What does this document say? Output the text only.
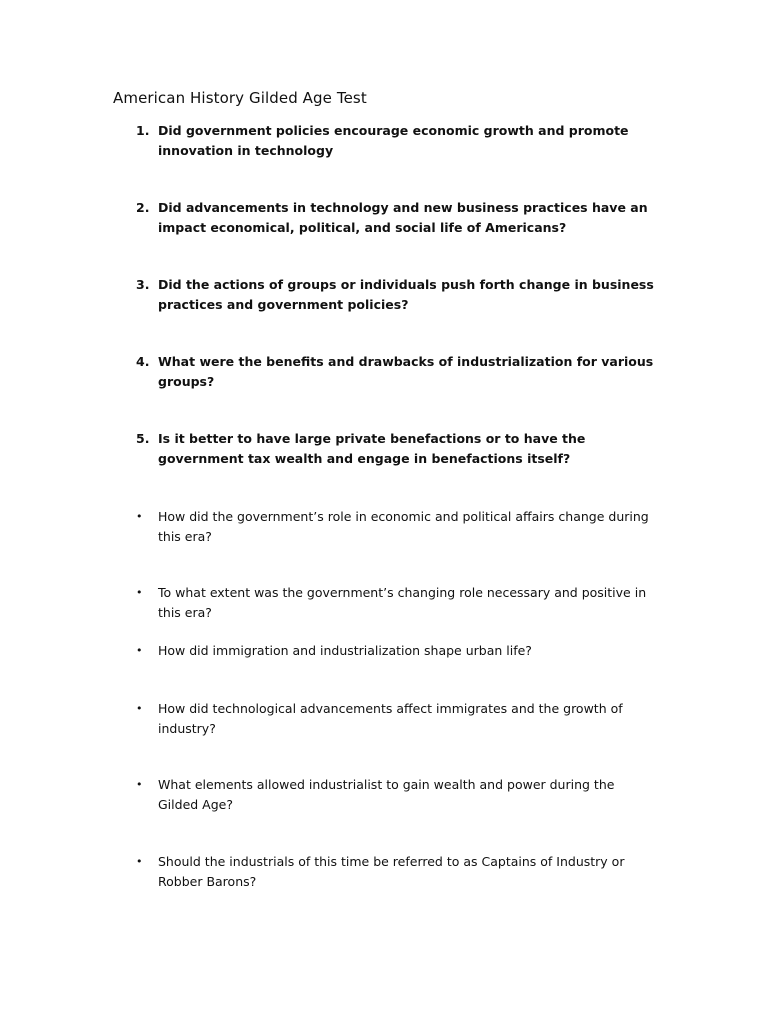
American History Gilded Age Test
1. Did government policies encourage economic growth and promote innovation in technology
2. Did advancements in technology and new business practices have an impact economical, political, and social life of Americans?
3. Did the actions of groups or individuals push forth change in business practices and government policies?
4. What were the benefits and drawbacks of industrialization for various groups?
5. Is it better to have large private benefactions or to have the government tax wealth and engage in benefactions itself?
•	How did the government’s role in economic and political affairs change during this era?
•	To what extent was the government’s changing role necessary and positive in this era?
•	How did immigration and industrialization shape urban life?
•	How did technological advancements affect immigrates and the growth of industry?
•	What elements allowed industrialist to gain wealth and power during the Gilded Age?
•	Should the industrials of this time be referred to as Captains of Industry or Robber Barons?
